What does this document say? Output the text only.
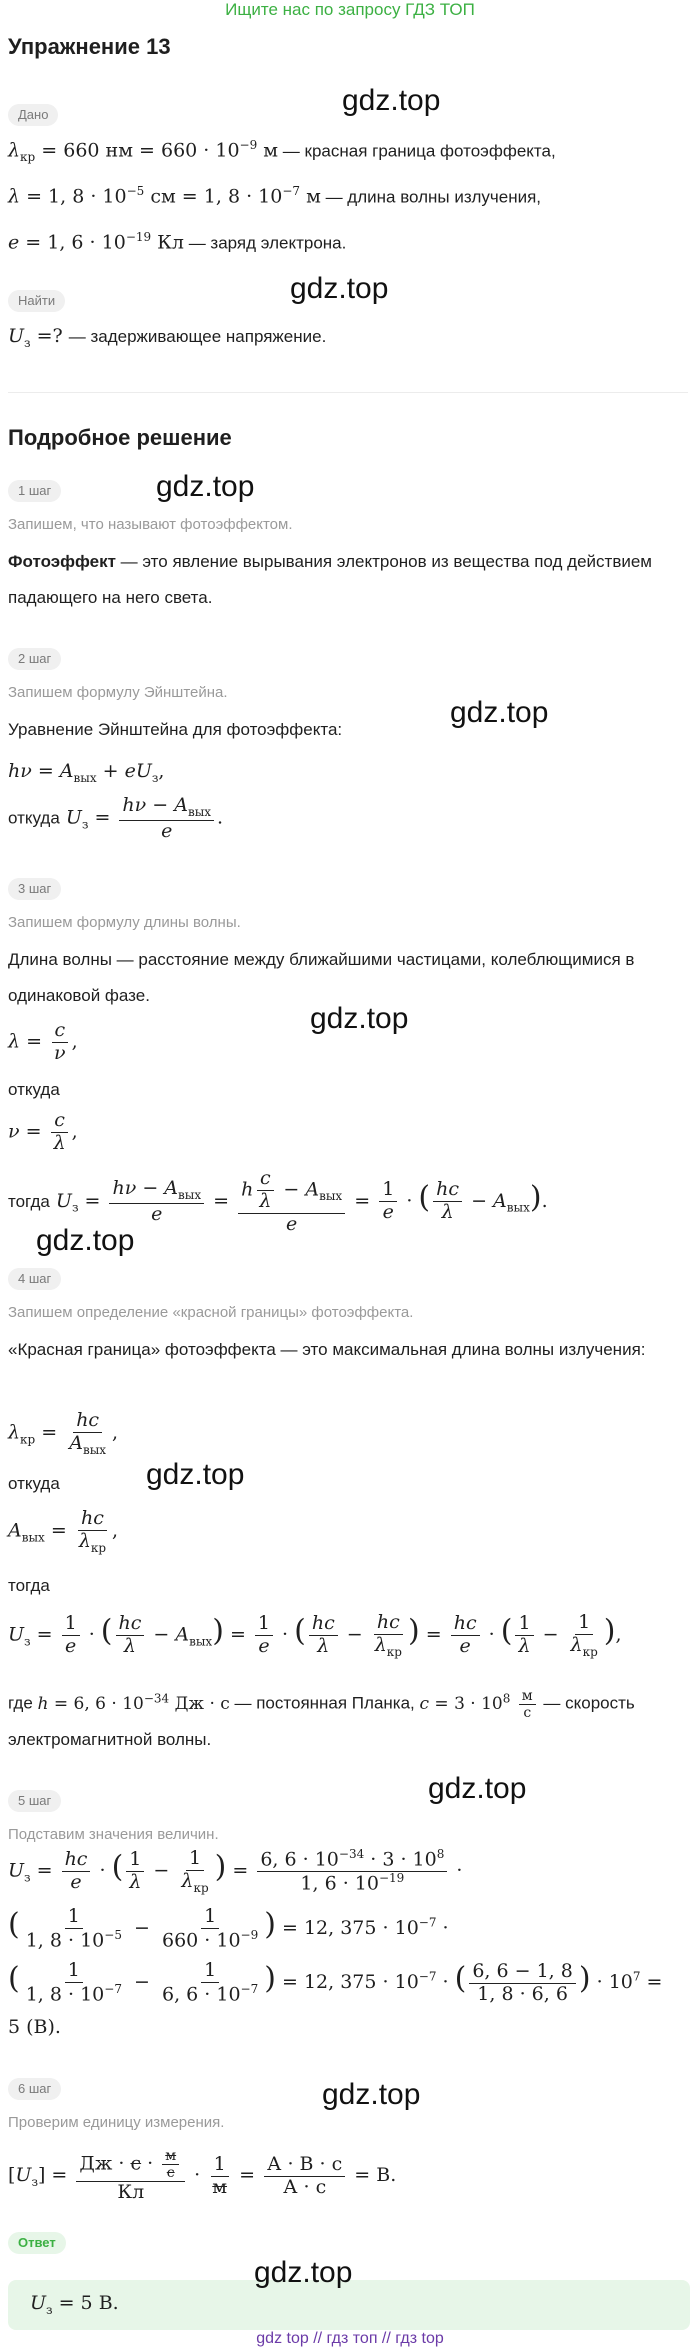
Ищите нас по запросу ГДЗ ТОП
Упражнение 13
Дано
$\lambda_{кр} = 660$ нм = $660 \cdot 10^{-9}$ м — красная граница фотоэффекта,
λ = 1, $8 \cdot 10^{-5}$ см = 1, $8 \cdot 10^{-7}$ м — длина волны излучения,
e = 1, $6 \cdot 10^{-19}$ Кл — заряд электрона.
Найти
$U_з$ =? — задерживающее напряжение.
Подробное решение
1 шаг
Запишем, что называют фотоэффектом.
Фотоэффект — это явление вырывания электронов из вещества под действием падающего на него света.
2 шаг
Запишем формулу Эйнштейна.
Уравнение Эйнштейна для фотоэффекта:
$h\nu = A_{вых} + eU_з$,
откуда $U_з = \frac{h\nu - A_{вых}}{e}$ .
3 шаг
Запишем формулу длины волны.
Длина волны — расстояние между ближайшими частицами, колеблющимися в одинаковой фазе.
$\lambda = \frac{c}{\nu}$ ,
откуда
$\nu = \frac{c}{\lambda}$ ,
тогда $U_з = \frac{h\nu - A_{вых}}{e} = \frac{h \frac{c}{\lambda} - A_{вых}}{e} = \frac{1}{e}$ · ( $\frac{hc}{\lambda} - A_{вых}$).
4 шаг
Запишем определение «красной границы» фотоэффекта.
«Красная граница» фотоэффекта — это максимальная длина волны излучения:
$\lambda_{кр} = \frac{hc}{A_{вых}}$ ,
откуда
$A_{вых} = \frac{hc}{\lambda_{кр}}$ ,
тогда
$U_з = \frac{1}{e}$ · ( $\frac{hc}{\lambda} - A_{вых}) = \frac{1}{e}$ · ( $\frac{hc}{\lambda} - \frac{hc}{\lambda_{кр}}$ ) = $\frac{hc}{e}$ · ( $\frac{1}{\lambda} - \frac{1}{\lambda_{кр}}$ ),
где h = 6, $6 \cdot 10^{-34}$ Дж · с — постоянная Планка, $c = 3 \cdot 10^8 \frac{м}{с}$ — скорость электромагнитной волны.
5 шаг
Подставим значения величин.
$U_з = \frac{hc}{e}$ · ( $\frac{1}{\lambda} - \frac{1}{\lambda_{кр}}$ ) = $\frac{6, 6 \cdot 10^{-34} \cdot 3 \cdot 10^8}{1, 6 \cdot 10^{-19}}$ ·
( $\frac{1}{1, 8 \cdot 10^{-5}} - \frac{1}{660 \cdot 10^{-9}}$ ) = 12, $375 \cdot 10^{-7}$ ·
( $\frac{1}{1, 8 \cdot 10^{-7}} - \frac{1}{6, 6 \cdot 10^{-7}}$ ) = 12, $375 \cdot 10^{-7}$ · ( $\frac{6, 6 - 1, 8}{1, 8 \cdot 6, 6}$ ) · $10^7$ =
5 (В).
6 шаг
Проверим единицу измерения.
$[U_з] = \frac{Дж \cdot с \cdot \frac{м}{с}}{Кл} \cdot \frac{1}{м} = \frac{А \cdot В \cdot с}{А \cdot с} = В$.
Ответ
$U_з = 5$ В.
gdz.top
gdz.top
gdz.top
gdz.top
gdz.top
gdz.top
gdz.top
gdz.top
gdz.top
gdz.top
gdz top // гдз топ // гдз top
